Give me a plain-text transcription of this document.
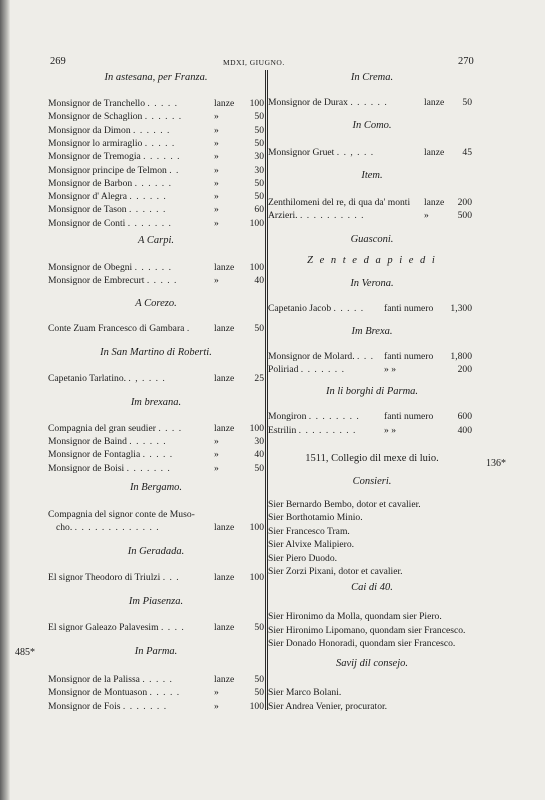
269	MDXI, GIUGNO.	270
485*
136*
In astesana, per Franza.
Monsignor de Tranchello . . . . .	lanze 100
Monsignor de Schaglion . . . . . .	»	50
Monsignor da Dimon . . . . . .	»	50
Monsignor lo armiraglio . . . . .	»	50
Monsignor de Tremogia . . . . . .	»	30
Monsignor principe de Telmon . .	»	30
Monsignor de Barbon . . . . . .	»	50
Monsignor d' Alegra . . . . . .	»	50
Monsignor de Tason . . . . . .	»	60
Monsignor de Conti . . . . . . .	»	100
A Carpi.
Monsignor de Obegni . . . . . .	lanze 100
Monsignor de Embrecurt . . . . .	»	40
A Corezo.
Conte Zuam Francesco di Gambara . lanze 50
In San Martino di Roberti.
Capetanio Tarlatino. . , . . . .	lanze 25
Im brexana.
Compagnia del gran seudier . . . .	lanze 100
Monsignor de Baind . . . . . .	»	30
Monsignor de Fontaglia . . . . .	»	40
Monsignor de Boisi . . . . . . .	»	50
In Bergamo.
Compagnia del signor conte de Muso-
cho. . . . . . . . . . . . . .	lanze 100
In Geradada.
El signor Theodoro di Triulzi . . .	lanze 100
Im Piasenza.
El signor Galeazo Palavesim . . . .	lanze 50
In Parma.
Monsignor de la Palissa . . . . .	lanze 50
Monsignor de Montuason . . . . .	»	50
Monsignor de Fois . . . . . . .	»	100
In Crema.
Monsignor de Durax . . . . . .	lanze 50
In Como.
Monsignor Gruet . . , . . .	lanze 45
Item.
Zenthilomeni del re, di qua da' monti lanze 200
Arzieri. . . . . . . . . . .	»	500
Guasconi.
Z e n t e d a p i e d i
In Verona.
Capetanio Jacob . . . . . fanti numero 1,300
Im Brexa.
Monsignor de Molard. . . . fanti numero 1,800
Poliriad . . . . . . .	» »	200
In li borghi di Parma.
Mongiron . . . . . . . .	fanti numero	600
Estrilin . . . . . . . . .	» »	400
1511, Collegio dil mexe di luio.
Consieri.
Sier Bernardo Bembo, dotor et cavalier.
Sier Borthotamio Minio.
Sier Francesco Tram.
Sier Alvixe Malipiero.
Sier Piero Duodo.
Sier Zorzi Pixani, dotor et cavalier.
Cai di 40.
Sier Hironimo da Molla, quondam sier Piero.
Sier Hironimo Lipomano, quondam sier Francesco.
Sier Donado Honoradi, quondam sier Francesco.
Savij dil consejo.
Sier Marco Bolani.
Sier Andrea Venier, procurator.
